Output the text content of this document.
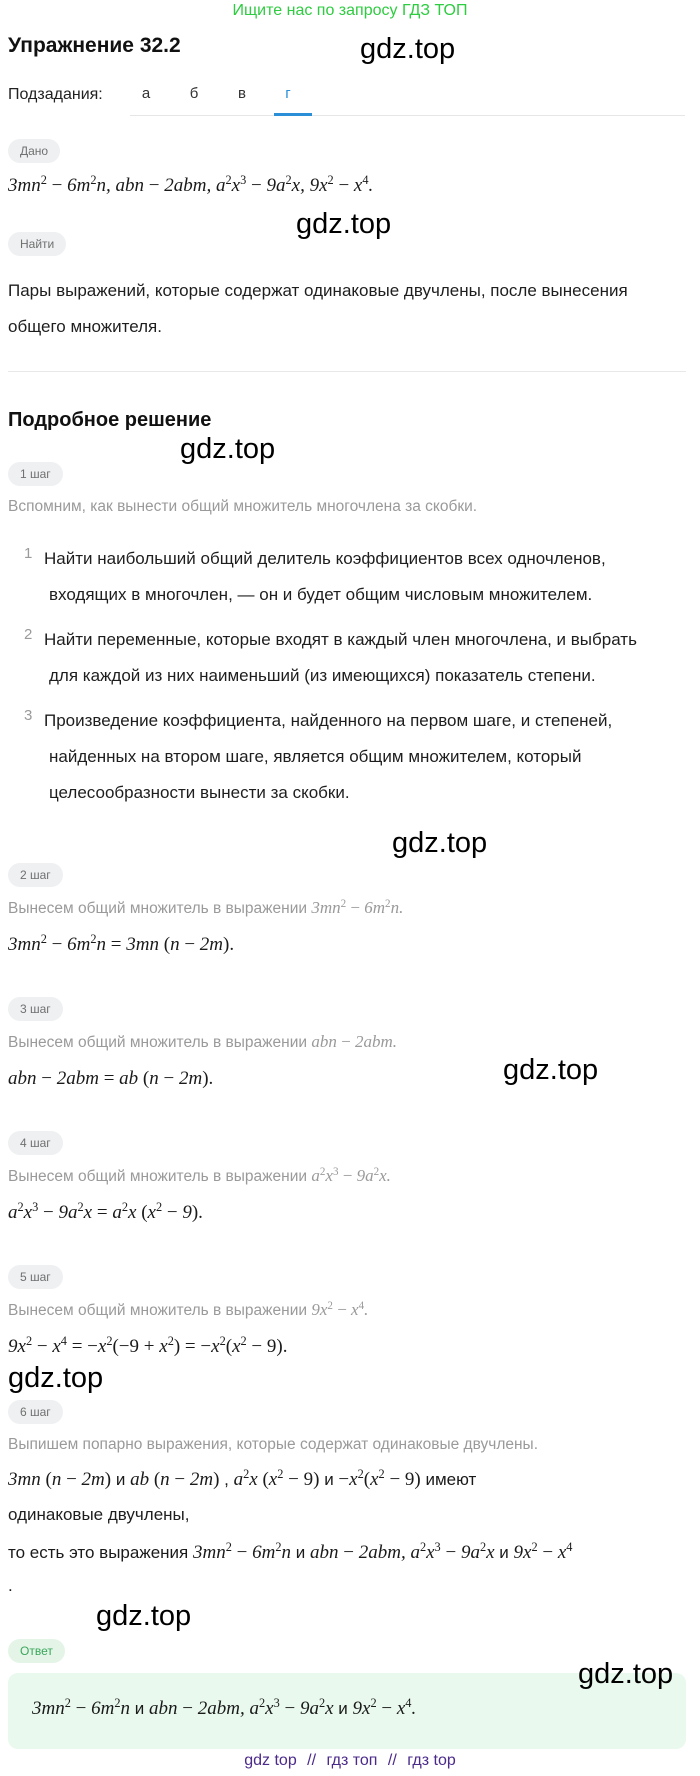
Ищите нас по запросу ГДЗ ТОП
Упражнение 32.2	gdz.top
Подзадания:	а	б	в	г
Дано
$3mn^2 - 6m^2n$, abn − 2abm, $a^2x^3 - 9a^2x$, $9x^2 - x^4$.
Найти
gdz.top
Пары выражений, которые содержат одинаковые двучлены, после вынесения
общего множителя.
Подробное решение
gdz.top
1 шаг
Вспомним, как вынести общий множитель многочлена за скобки.
1 Найти наибольший общий делитель коэффициентов всех одночленов,
входящих в многочлен, — он и будет общим числовым множителем.
2 Найти переменные, которые входят в каждый член многочлена, и выбрать
для каждой из них наименьший (из имеющихся) показатель степени.
3 Произведение коэффициента, найденного на первом шаге, и степеней,
найденных на втором шаге, является общим множителем, который
целесообразности вынести за скобки.
gdz.top
2 шаг
Вынесем общий множитель в выражении $3mn^2 - 6m^2n$.
$3mn^2 - 6m^2n = 3mn$ (n − 2m).
3 шаг
Вынесем общий множитель в выражении abn − 2abm.
abn − 2abm = ab (n − 2m).	gdz.top
4 шаг
Вынесем общий множитель в выражении $a^2x^3 - 9a^2x$.
$a^2x^3 - 9a^2x = a^2x$ $(x^2 - 9)$.
5 шаг
Вынесем общий множитель в выражении $9x^2 - x^4$.
$9x^2 - x^4 = -x^2(-9 + x^2) = -x^2(x^2 - 9)$.
gdz.top
6 шаг
Выпишем попарно выражения, которые содержат одинаковые двучлены.
3mn (n − 2m) и ab (n − 2m) , $a^2x$ $(x^2 - 9)$ $и -x^2(x^2 - 9)$ имеют
одинаковые двучлены,
то есть это выражения $3mn^2 - 6m^2n$ и abn − 2abm, $a^2x^3 - 9a^2x$ и $9x^2 - x^4$
.
gdz.top
Ответ
gdz.top
$3mn^2 - 6m^2n$ и abn − 2abm, $a^2x^3 - 9a^2x$ и $9x^2 - x^4$.
gdz top // гдз топ // гдз top
